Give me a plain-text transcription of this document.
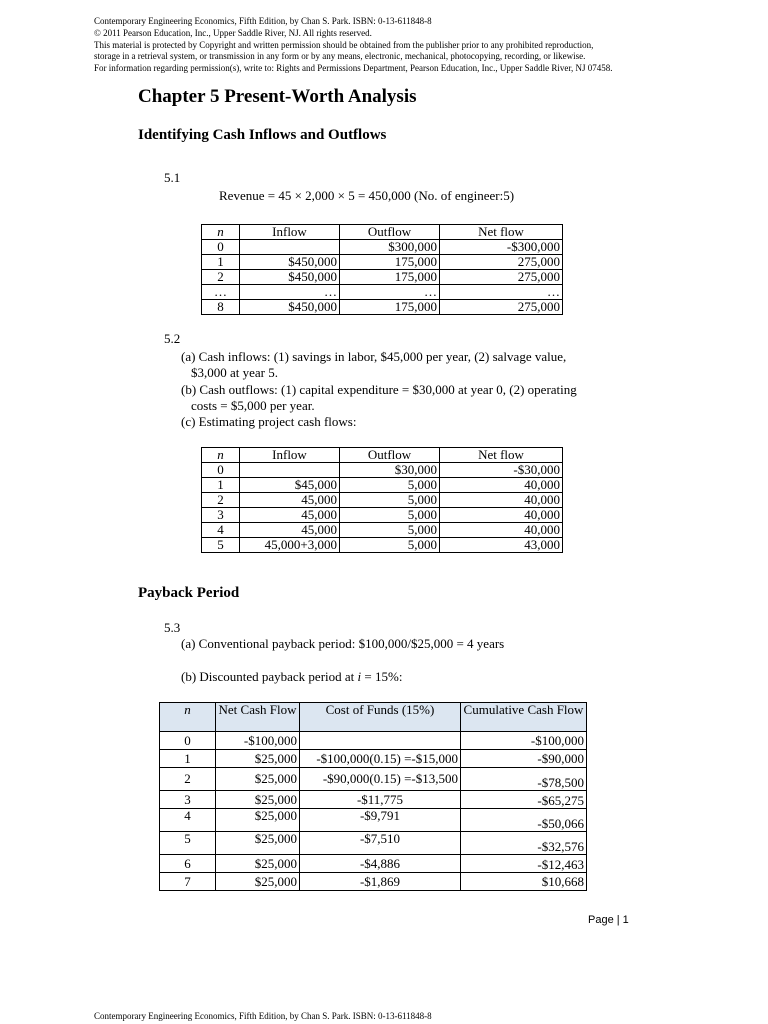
Contemporary Engineering Economics, Fifth Edition, by Chan S. Park. ISBN: 0-13-611848-8
© 2011 Pearson Education, Inc., Upper Saddle River, NJ. All rights reserved.
This material is protected by Copyright and written permission should be obtained from the publisher prior to any prohibited reproduction,
storage in a retrieval system, or transmission in any form or by any means, electronic, mechanical, photocopying, recording, or likewise.
For information regarding permission(s), write to: Rights and Permissions Department, Pearson Education, Inc., Upper Saddle River, NJ 07458.
Chapter 5 Present-Worth Analysis
Identifying Cash Inflows and Outflows
5.1
Revenue = 45 × 2,000 × 5 = 450,000 (No. of engineer:5)
n	Inflow	Outflow	Net flow
0		$300,000	-$300,000
1	$450,000	175,000	275,000
2	$450,000	175,000	275,000
…	…	…	…
8	$450,000	175,000	275,000
5.2
(a) Cash inflows: (1) savings in labor, $45,000 per year, (2) salvage value,
$3,000 at year 5.
(b) Cash outflows: (1) capital expenditure = $30,000 at year 0, (2) operating
costs = $5,000 per year.
(c) Estimating project cash flows:
n	Inflow	Outflow	Net flow
0		$30,000	-$30,000
1	$45,000	5,000	40,000
2	45,000	5,000	40,000
3	45,000	5,000	40,000
4	45,000	5,000	40,000
5	45,000+3,000	5,000	43,000
Payback Period
5.3
(a) Conventional payback period: $100,000/$25,000 = 4 years
(b) Discounted payback period at i = 15%:
n	Net Cash Flow	Cost of Funds (15%)	Cumulative Cash Flow
0	-$100,000		-$100,000
1	$25,000	-$100,000(0.15) =-$15,000	-$90,000
2	$25,000	-$90,000(0.15) =-$13,500	-$78,500
3	$25,000	-$11,775	-$65,275
4	$25,000	-$9,791	-$50,066
5	$25,000	-$7,510	-$32,576
6	$25,000	-$4,886	-$12,463
7	$25,000	-$1,869	$10,668
Page | 1
Contemporary Engineering Economics, Fifth Edition, by Chan S. Park. ISBN: 0-13-611848-8
